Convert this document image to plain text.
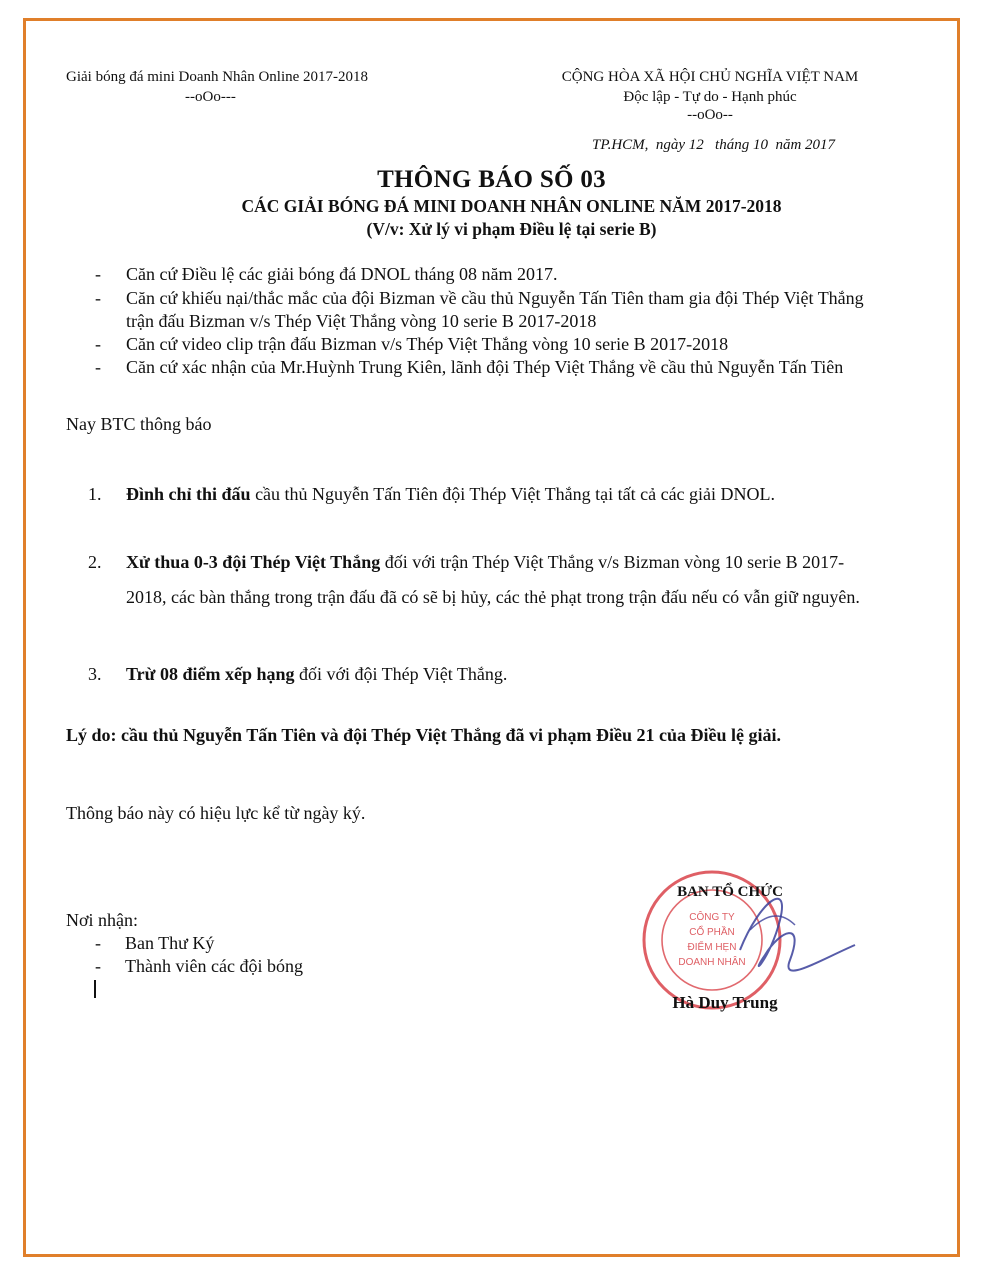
Giải bóng đá mini Doanh Nhân Online 2017-2018
--oOo---
CỘNG HÒA XÃ HỘI CHỦ NGHĨA VIỆT NAM
Độc lập - Tự do - Hạnh phúc
--oOo--
TP.HCM,  ngày 12   tháng 10  năm 2017
THÔNG BÁO SỐ 03
CÁC GIẢI BÓNG ĐÁ MINI DOANH NHÂN ONLINE NĂM 2017-2018
(V/v: Xử lý vi phạm Điều lệ tại serie B)
- Căn cứ Điều lệ các giải bóng đá DNOL tháng 08 năm 2017.
- Căn cứ khiếu nại/thắc mắc của đội Bizman về cầu thủ Nguyễn Tấn Tiên tham gia đội Thép Việt Thắng
trận đấu Bizman v/s Thép Việt Thắng vòng 10 serie B 2017-2018
- Căn cứ video clip trận đấu Bizman v/s Thép Việt Thắng vòng 10 serie B 2017-2018
- Căn cứ xác nhận của Mr.Huỳnh Trung Kiên, lãnh đội Thép Việt Thắng về cầu thủ Nguyễn Tấn Tiên
Nay BTC thông báo
1. Đình chỉ thi đấu cầu thủ Nguyễn Tấn Tiên đội Thép Việt Thắng tại tất cả các giải DNOL.
2. Xử thua 0-3 đội Thép Việt Thắng đối với trận Thép Việt Thắng v/s Bizman vòng 10 serie B 2017-
2018, các bàn thắng trong trận đấu đã có sẽ bị hủy, các thẻ phạt trong trận đấu nếu có vẫn giữ nguyên.
3. Trừ 08 điểm xếp hạng đối với đội Thép Việt Thắng.
Lý do: cầu thủ Nguyễn Tấn Tiên và đội Thép Việt Thắng đã vi phạm Điều 21 của Điều lệ giải.
Thông báo này có hiệu lực kể từ ngày ký.
Nơi nhận:
- Ban Thư Ký
- Thành viên các đội bóng
CÔNG TY
CỔ PHẦN
ĐIỂM HẸN
DOANH NHÂN
BAN TỔ CHỨC
Hà Duy Trung
